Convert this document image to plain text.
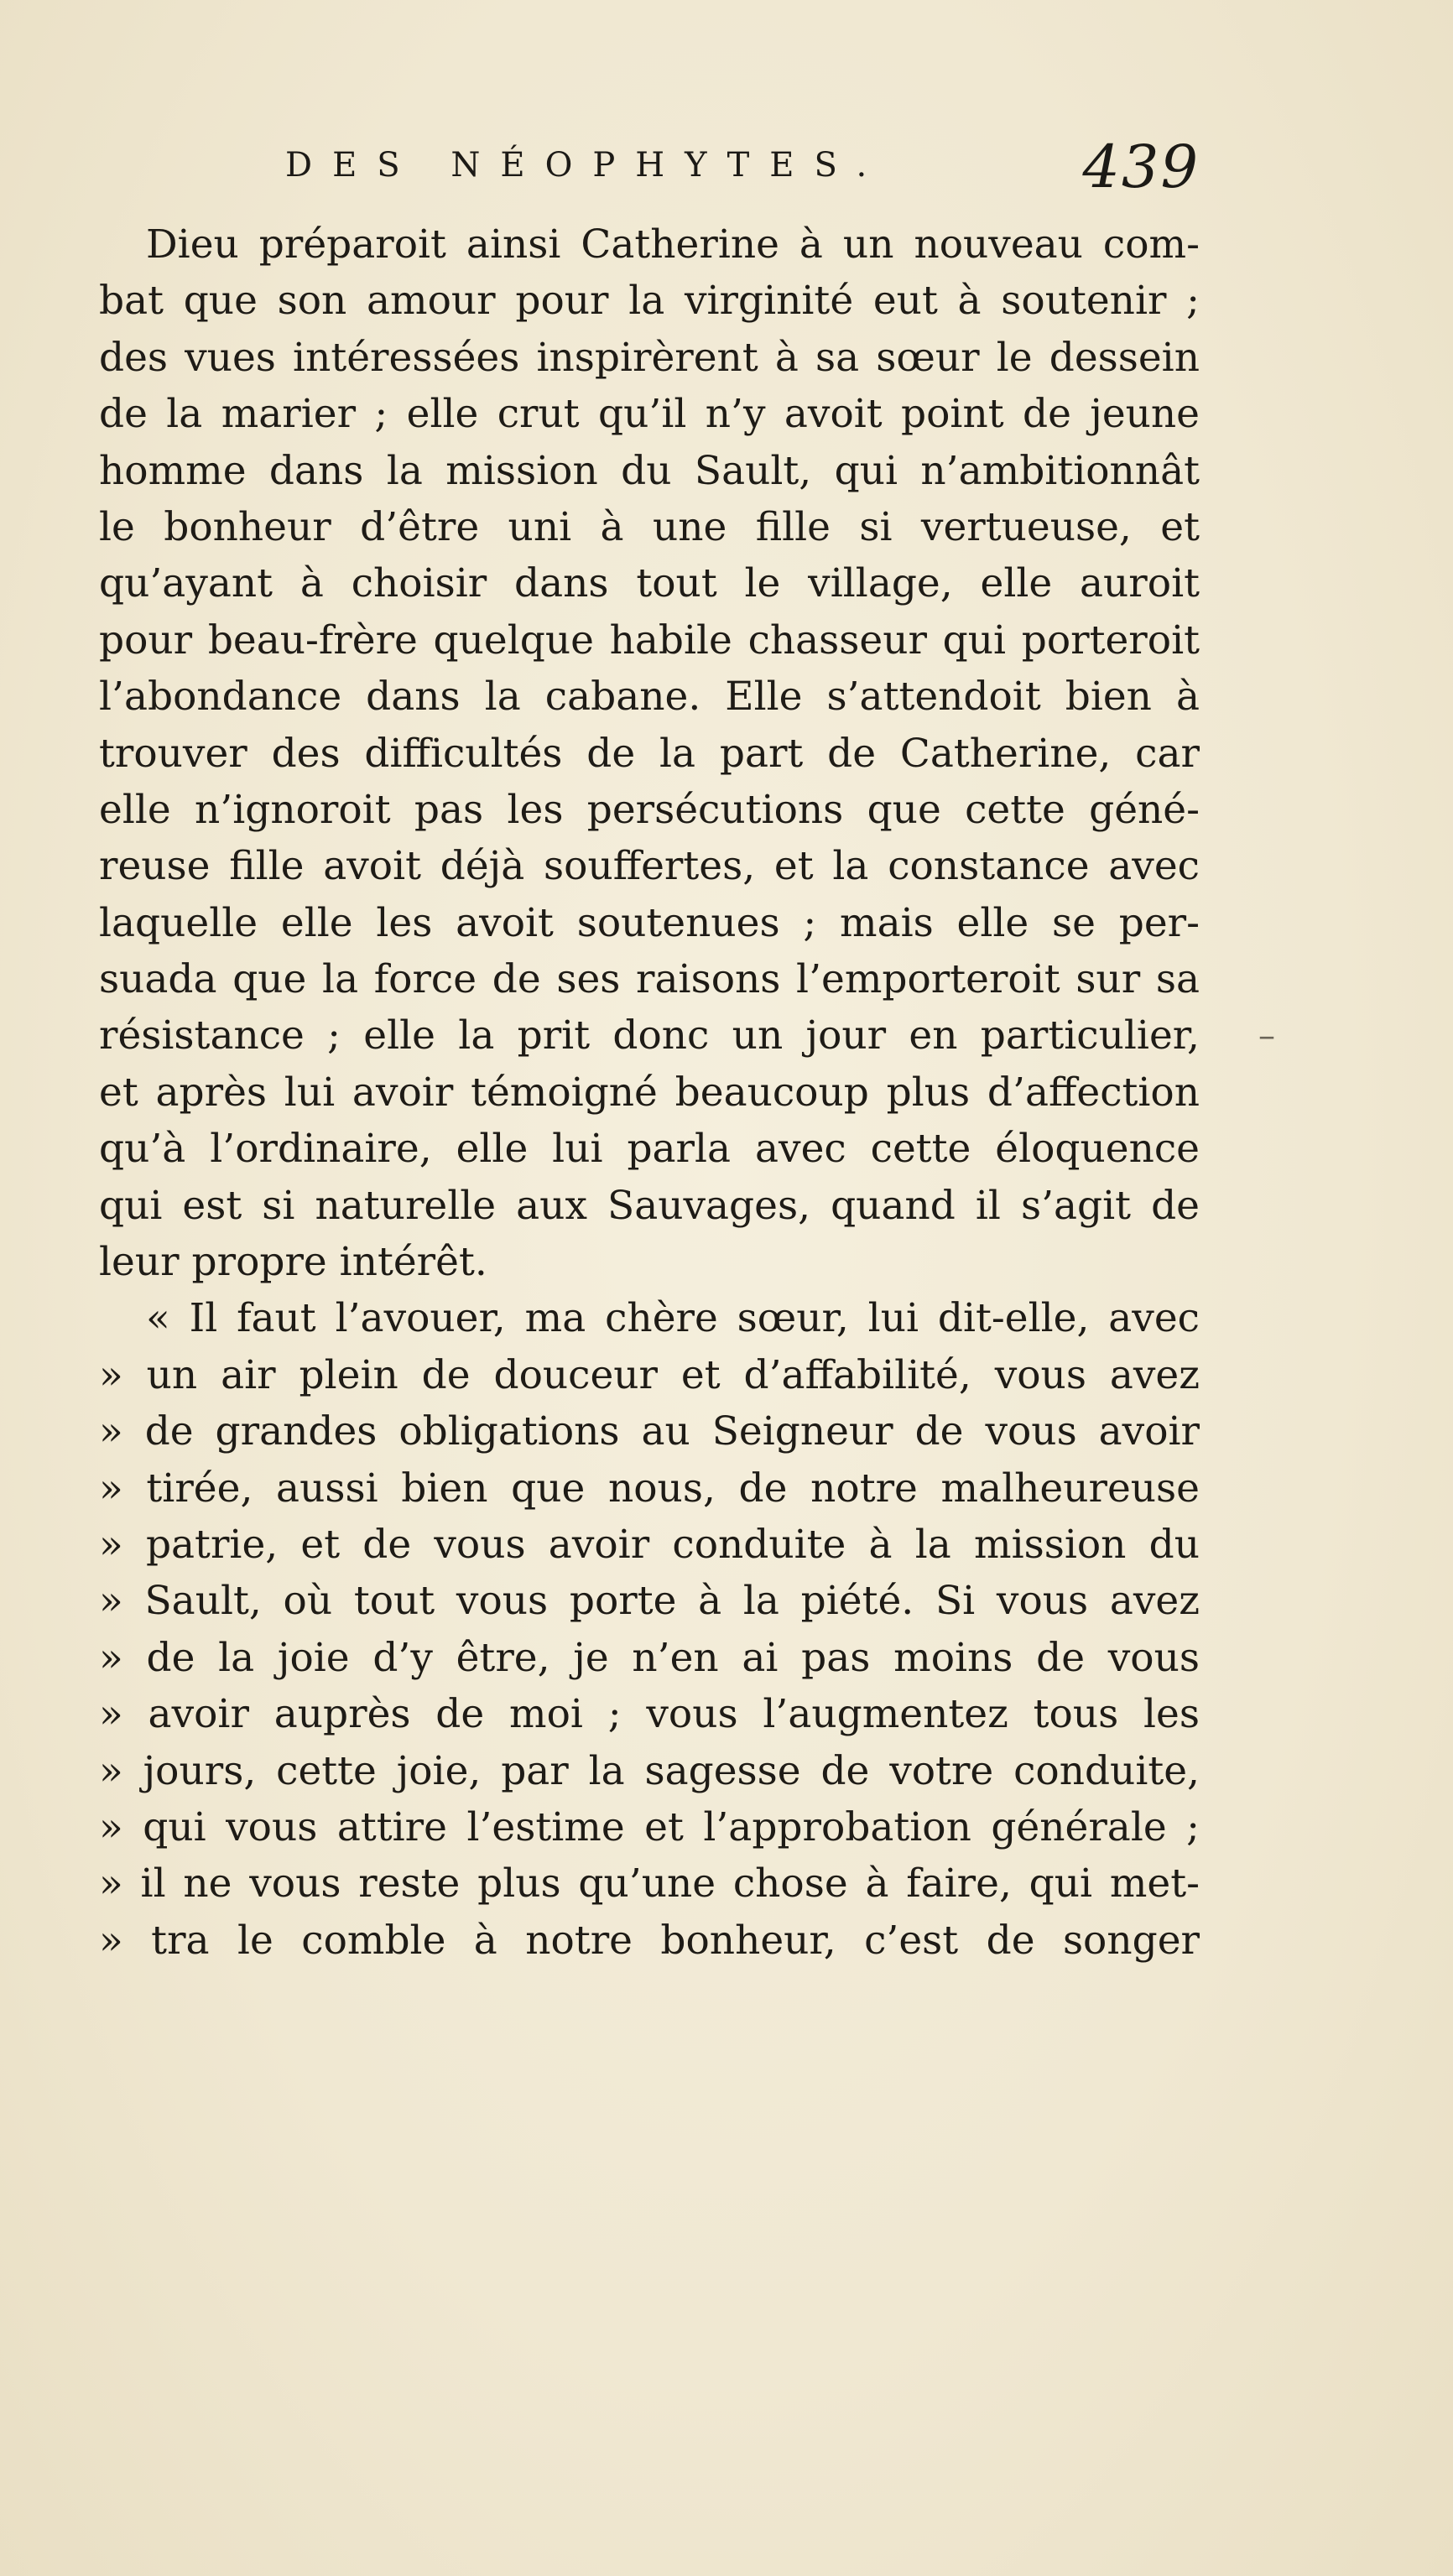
DES NÉOPHYTES.	439
–
Dieu préparoit ainsi Catherine à un nouveau com-
bat que son amour pour la virginité eut à soutenir ;
des vues intéressées inspirèrent à sa sœur le dessein
de la marier ; elle crut qu’il n’y avoit point de jeune
homme dans la mission du Sault, qui n’ambitionnât
le bonheur d’être uni à une fille si vertueuse, et
qu’ayant à choisir dans tout le village, elle auroit
pour beau-frère quelque habile chasseur qui porteroit
l’abondance dans la cabane. Elle s’attendoit bien à
trouver des difficultés de la part de Catherine, car
elle n’ignoroit pas les persécutions que cette géné-
reuse fille avoit déjà souffertes, et la constance avec
laquelle elle les avoit soutenues ; mais elle se per-
suada que la force de ses raisons l’emporteroit sur sa
résistance ; elle la prit donc un jour en particulier,
et après lui avoir témoigné beaucoup plus d’affection
qu’à l’ordinaire, elle lui parla avec cette éloquence
qui est si naturelle aux Sauvages, quand il s’agit de
leur propre intérêt.
« Il faut l’avouer, ma chère sœur, lui dit-elle, avec
» un air plein de douceur et d’affabilité, vous avez
» de grandes obligations au Seigneur de vous avoir
» tirée, aussi bien que nous, de notre malheureuse
» patrie, et de vous avoir conduite à la mission du
» Sault, où tout vous porte à la piété. Si vous avez
» de la joie d’y être, je n’en ai pas moins de vous
» avoir auprès de moi ; vous l’augmentez tous les
» jours, cette joie, par la sagesse de votre conduite,
» qui vous attire l’estime et l’approbation générale ;
» il ne vous reste plus qu’une chose à faire, qui met-
» tra le comble à notre bonheur, c’est de songer
